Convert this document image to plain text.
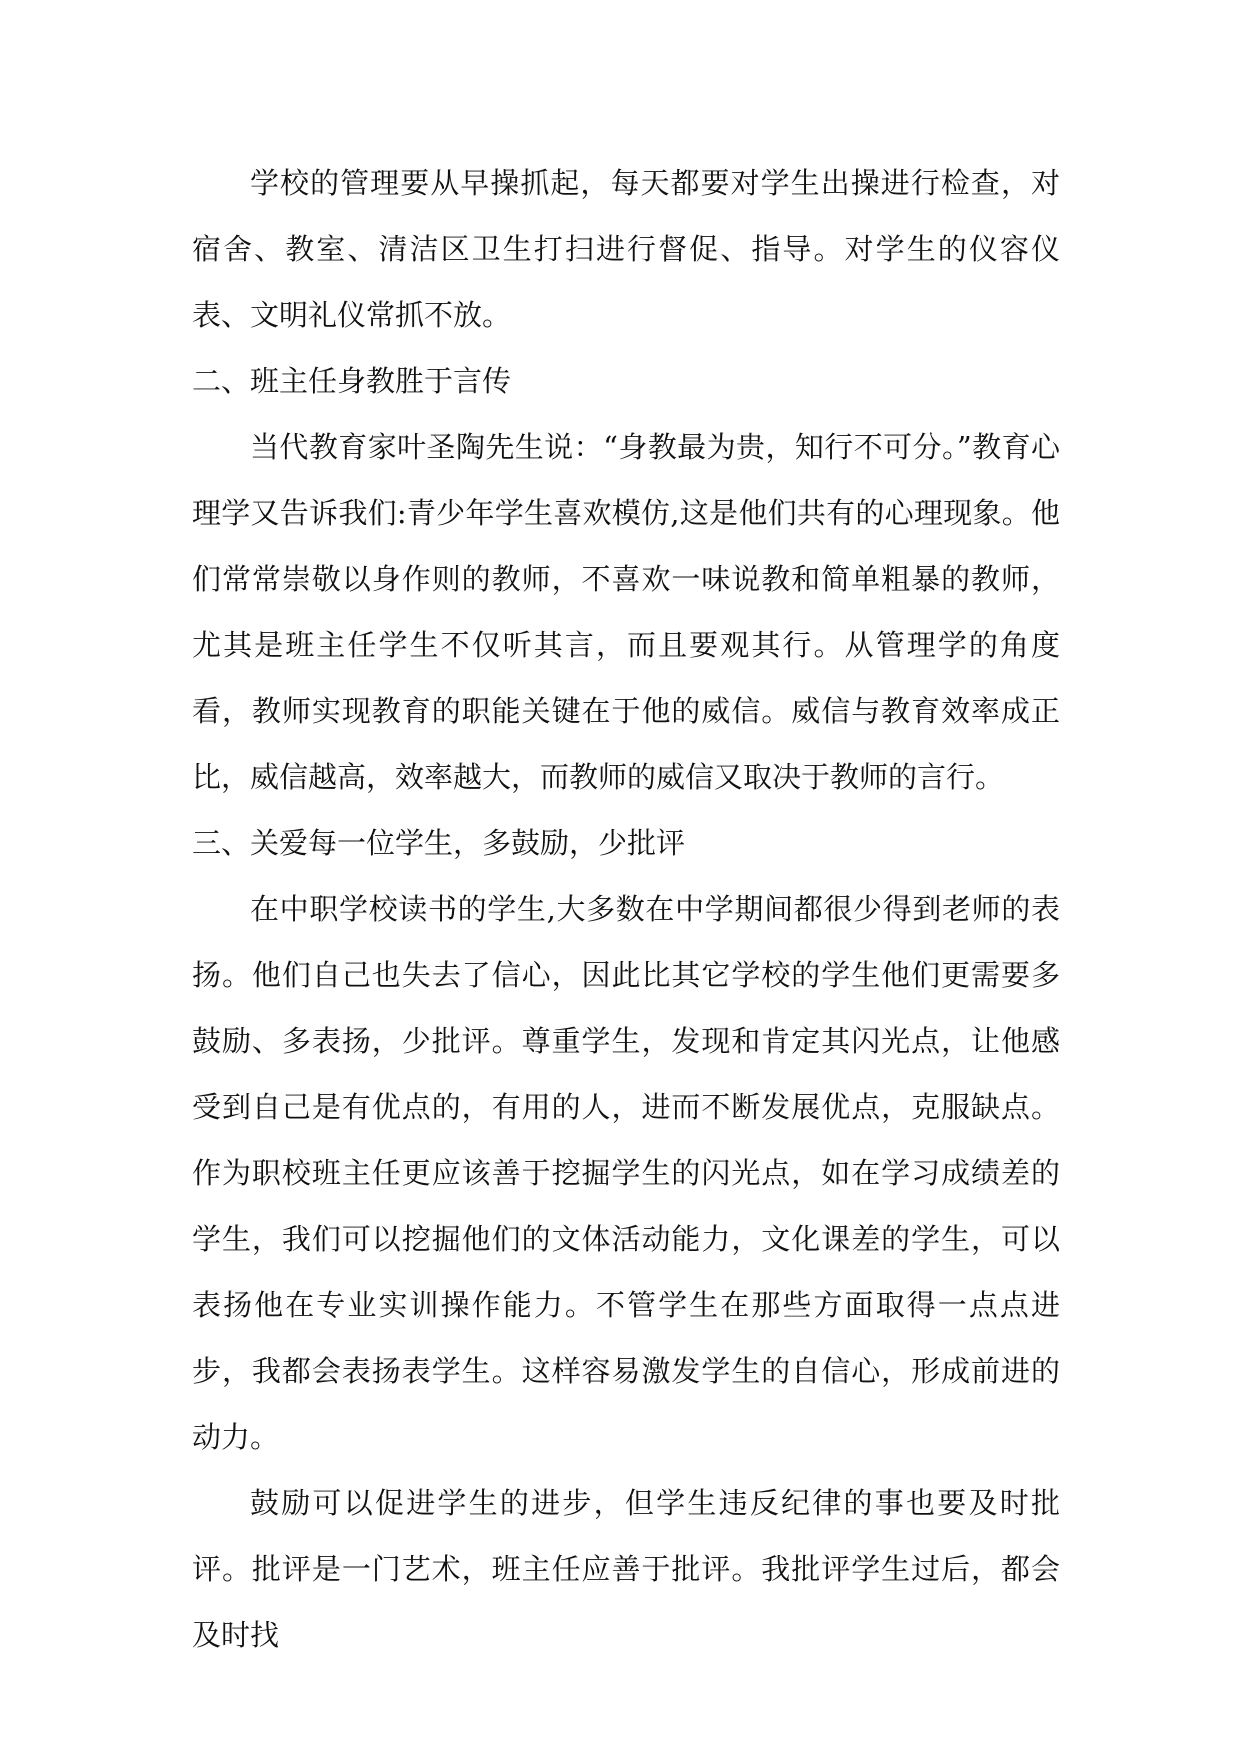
学校的管理要从早操抓起，每天都要对学生出操进行检查，对宿舍、教室、清洁区卫生打扫进行督促、指导。对学生的仪容仪表、文明礼仪常抓不放。

二、班主任身教胜于言传

当代教育家叶圣陶先生说：“身教最为贵，知行不可分。”教育心理学又告诉我们:青少年学生喜欢模仿,这是他们共有的心理现象。他们常常崇敬以身作则的教师，不喜欢一味说教和简单粗暴的教师，尤其是班主任学生不仅听其言，而且要观其行。从管理学的角度看，教师实现教育的职能关键在于他的威信。威信与教育效率成正比，威信越高，效率越大，而教师的威信又取决于教师的言行。

三、关爱每一位学生，多鼓励，少批评

在中职学校读书的学生,大多数在中学期间都很少得到老师的表扬。他们自己也失去了信心，因此比其它学校的学生他们更需要多鼓励、多表扬，少批评。尊重学生，发现和肯定其闪光点，让他感受到自己是有优点的，有用的人，进而不断发展优点，克服缺点。作为职校班主任更应该善于挖掘学生的闪光点，如在学习成绩差的学生，我们可以挖掘他们的文体活动能力，文化课差的学生，可以表扬他在专业实训操作能力。不管学生在那些方面取得一点点进步，我都会表扬表学生。这样容易激发学生的自信心，形成前进的动力。

鼓励可以促进学生的进步，但学生违反纪律的事也要及时批评。批评是一门艺术，班主任应善于批评。我批评学生过后，都会及时找
